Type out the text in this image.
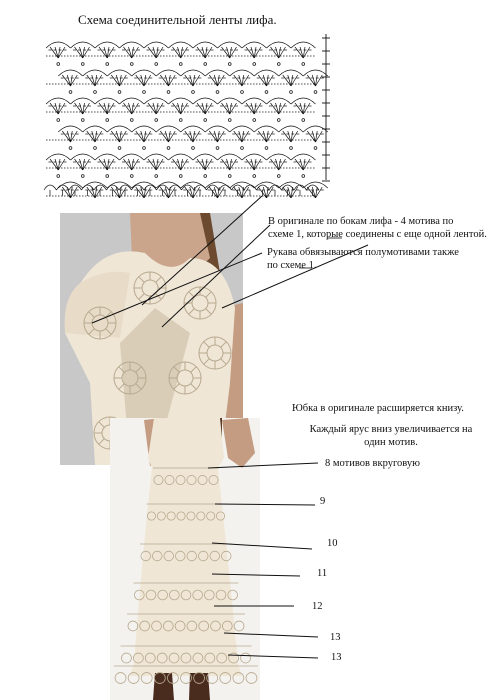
Схема соединительной ленты лифа.
В оригинале по бокам лифа - 4 мотива по
схеме 1, которые соединены с еще одной лентой.
Рукава обвязываются полумотивами также
по схеме 1.
Юбка в оригинале расширяется книзу.
Каждый ярус вниз увеличивается на
один мотив.
8 мотивов вкруговую
9
10
11
12
13
13
